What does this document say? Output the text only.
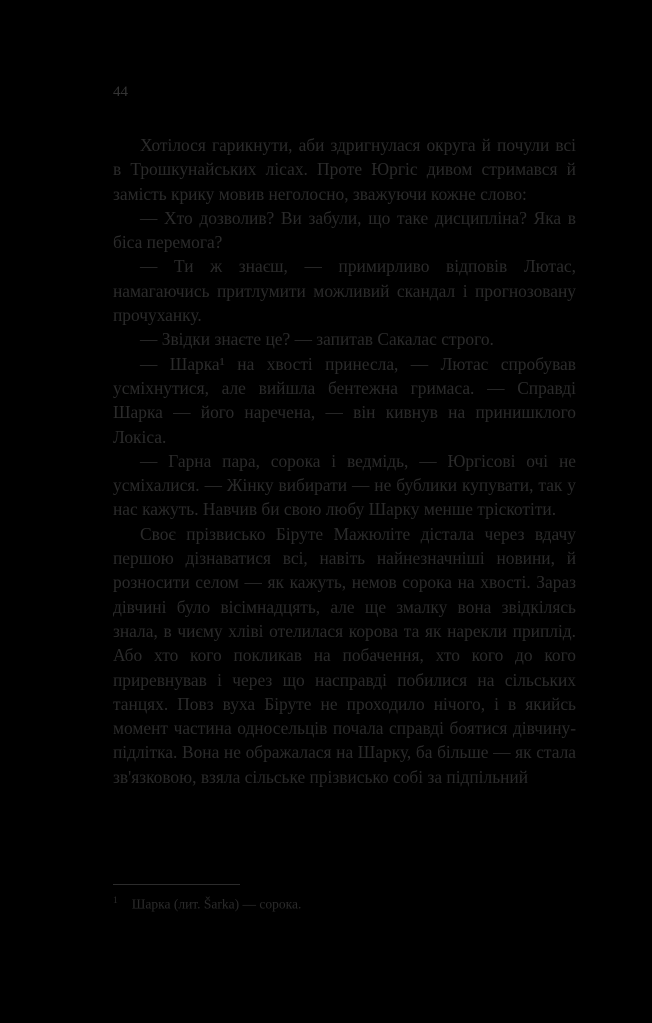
44

Хотілося гарикнути, аби здригнулася округа й почули всі в Трошкунайських лісах. Проте Юргіс дивом стримався й замість крику мовив неголосно, зважуючи кожне слово:

— Хто дозволив? Ви забули, що таке дисципліна? Яка в біса перемога?

— Ти ж знаєш, — примирливо відповів Лютас, намагаючись притлумити можливий скандал і прогнозовану прочуханку.

— Звідки знаєте це? — запитав Сакалас строго.

— Шарка¹ на хвості принесла, — Лютас спробував усміхнутися, але вийшла бентежна гримаса. — Справді Шарка — його наречена, — він кивнув на принишклого Локіса.

— Гарна пара, сорока і ведмідь, — Юргісові очі не усміхалися. — Жінку вибирати — не бублики купувати, так у нас кажуть. Навчив би свою любу Шарку менше тріскотіти.

Своє прізвисько Біруте Мажюліте дістала через вдачу першою дізнаватися всі, навіть найнезначніші новини, й розносити селом — як кажуть, немов сорока на хвості. Зараз дівчині було вісімнадцять, але ще змалку вона звідкілясь знала, в чиєму хліві отелилася корова та як нарекли приплід. Або хто кого покликав на побачення, хто кого до кого приревнував і через що насправді побилися на сільських танцях. Повз вуха Біруте не проходило нічого, і в якийсь момент частина односельців почала справді боятися дівчину-підлітка. Вона не ображалася на Шарку, ба більше — як стала зв'язковою, взяла сільське прізвисько собі за підпільний

$^1$ Шарка (лит. Šarka) — сорока.
